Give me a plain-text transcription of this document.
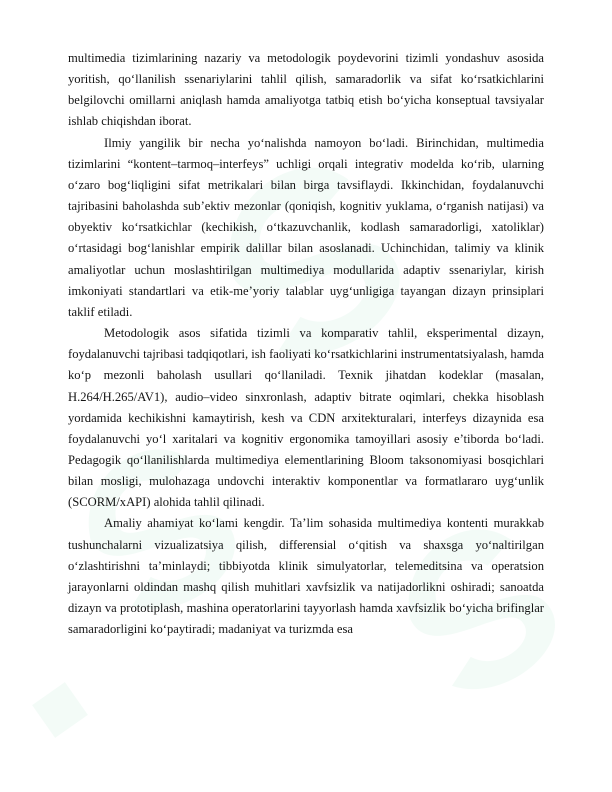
multimedia tizimlarining nazariy va metodologik poydevorini tizimli yondashuv asosida yoritish, qo‘llanilish ssenariylarini tahlil qilish, samaradorlik va sifat ko‘rsatkichlarini belgilovchi omillarni aniqlash hamda amaliyotga tatbiq etish bo‘yicha konseptual tavsiyalar ishlab chiqishdan iborat.

Ilmiy yangilik bir necha yo‘nalishda namoyon bo‘ladi. Birinchidan, multimedia tizimlarini “kontent–tarmoq–interfeys” uchligi orqali integrativ modelda ko‘rib, ularning o‘zaro bog‘liqligini sifat metrikalari bilan birga tavsiflaydi. Ikkinchidan, foydalanuvchi tajribasini baholashda sub’ektiv mezonlar (qoniqish, kognitiv yuklama, o‘rganish natijasi) va obyektiv ko‘rsatkichlar (kechikish, o‘tkazuvchanlik, kodlash samaradorligi, xatoliklar) o‘rtasidagi bog‘lanishlar empirik dalillar bilan asoslanadi. Uchinchidan, talimiy va klinik amaliyotlar uchun moslashtirilgan multimediya modullarida adaptiv ssenariylar, kirish imkoniyati standartlari va etik-me’yoriy talablar uyg‘unligiga tayangan dizayn prinsiplari taklif etiladi.

Metodologik asos sifatida tizimli va komparativ tahlil, eksperimental dizayn, foydalanuvchi tajribasi tadqiqotlari, ish faoliyati ko‘rsatkichlarini instrumentatsiyalash, hamda ko‘p mezonli baholash usullari qo‘llaniladi. Texnik jihatdan kodeklar (masalan, H.264/H.265/AV1), audio–video sinxronlash, adaptiv bitrate oqimlari, chekka hisoblash yordamida kechikishni kamaytirish, kesh va CDN arxitekturalari, interfeys dizaynida esa foydalanuvchi yo‘l xaritalari va kognitiv ergonomika tamoyillari asosiy e’tiborda bo‘ladi. Pedagogik qo‘llanilishlarda multimediya elementlarining Bloom taksonomiyasi bosqichlari bilan mosligi, mulohazaga undovchi interaktiv komponentlar va formatlararo uyg‘unlik (SCORM/xAPI) alohida tahlil qilinadi.

Amaliy ahamiyat ko‘lami kengdir. Ta’lim sohasida multimediya kontenti murakkab tushunchalarni vizualizatsiya qilish, differensial o‘qitish va shaxsga yo‘naltirilgan o‘zlashtirishni ta’minlaydi; tibbiyotda klinik simulyatorlar, telemeditsina va operatsion jarayonlarni oldindan mashq qilish muhitlari xavfsizlik va natijadorlikni oshiradi; sanoatda dizayn va prototiplash, mashina operatorlarini tayyorlash hamda xavfsizlik bo‘yicha brifinglar samaradorligini ko‘paytiradi; madaniyat va turizmda esa
